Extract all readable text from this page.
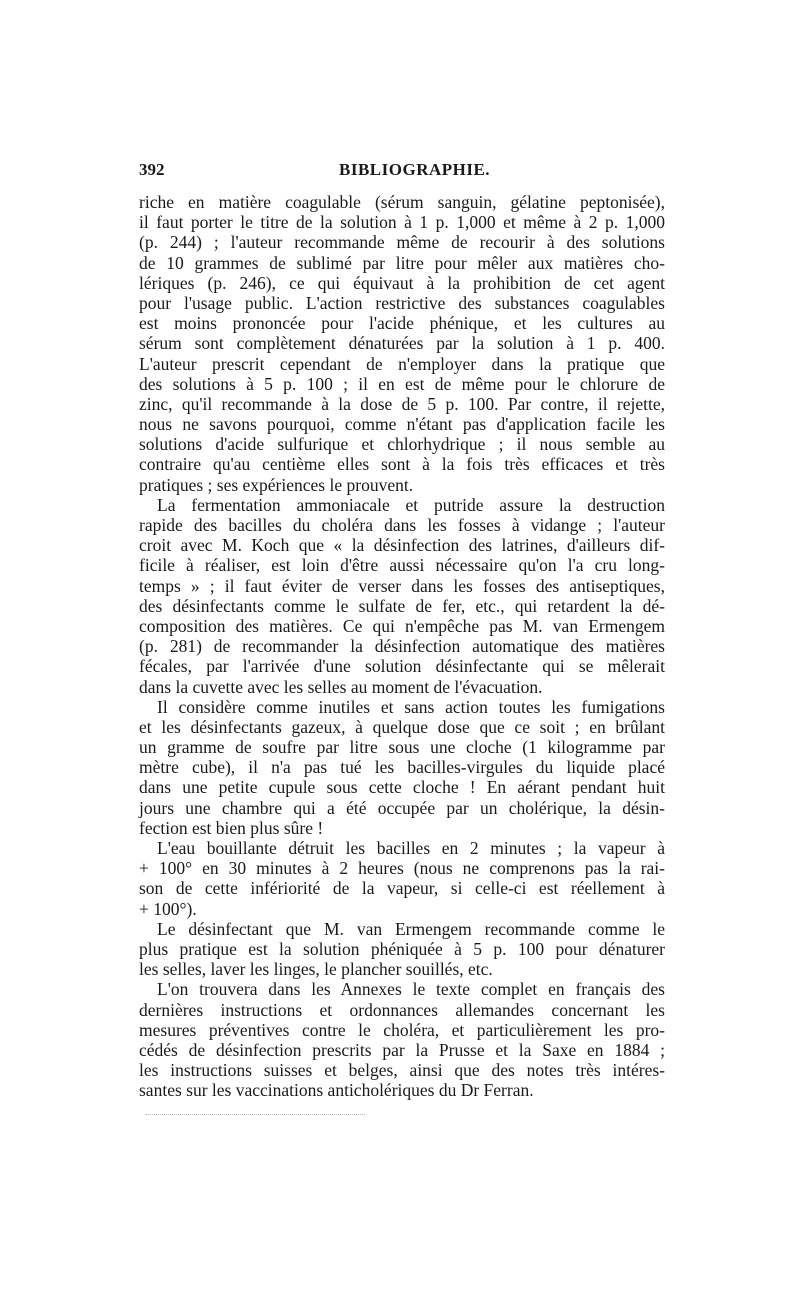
392	BIBLIOGRAPHIE.
riche en matière coagulable (sérum sanguin, gélatine peptonisée),
il faut porter le titre de la solution à 1 p. 1,000 et même à 2 p. 1,000
(p. 244) ; l'auteur recommande même de recourir à des solutions
de 10 grammes de sublimé par litre pour mêler aux matières cho-
lériques (p. 246), ce qui équivaut à la prohibition de cet agent
pour l'usage public. L'action restrictive des substances coagulables
est moins prononcée pour l'acide phénique, et les cultures au
sérum sont complètement dénaturées par la solution à 1 p. 400.
L'auteur prescrit cependant de n'employer dans la pratique que
des solutions à 5 p. 100 ; il en est de même pour le chlorure de
zinc, qu'il recommande à la dose de 5 p. 100. Par contre, il rejette,
nous ne savons pourquoi, comme n'étant pas d'application facile les
solutions d'acide sulfurique et chlorhydrique ; il nous semble au
contraire qu'au centième elles sont à la fois très efficaces et très
pratiques ; ses expériences le prouvent.
La fermentation ammoniacale et putride assure la destruction
rapide des bacilles du choléra dans les fosses à vidange ; l'auteur
croit avec M. Koch que « la désinfection des latrines, d'ailleurs dif-
ficile à réaliser, est loin d'être aussi nécessaire qu'on l'a cru long-
temps » ; il faut éviter de verser dans les fosses des antiseptiques,
des désinfectants comme le sulfate de fer, etc., qui retardent la dé-
composition des matières. Ce qui n'empêche pas M. van Ermengem
(p. 281) de recommander la désinfection automatique des matières
fécales, par l'arrivée d'une solution désinfectante qui se mêlerait
dans la cuvette avec les selles au moment de l'évacuation.
Il considère comme inutiles et sans action toutes les fumigations
et les désinfectants gazeux, à quelque dose que ce soit ; en brûlant
un gramme de soufre par litre sous une cloche (1 kilogramme par
mètre cube), il n'a pas tué les bacilles-virgules du liquide placé
dans une petite cupule sous cette cloche ! En aérant pendant huit
jours une chambre qui a été occupée par un cholérique, la désin-
fection est bien plus sûre !
L'eau bouillante détruit les bacilles en 2 minutes ; la vapeur à
+ 100° en 30 minutes à 2 heures (nous ne comprenons pas la rai-
son de cette infériorité de la vapeur, si celle-ci est réellement à
+ 100°).
Le désinfectant que M. van Ermengem recommande comme le
plus pratique est la solution phéniquée à 5 p. 100 pour dénaturer
les selles, laver les linges, le plancher souillés, etc.
L'on trouvera dans les Annexes le texte complet en français des
dernières instructions et ordonnances allemandes concernant les
mesures préventives contre le choléra, et particulièrement les pro-
cédés de désinfection prescrits par la Prusse et la Saxe en 1884 ;
les instructions suisses et belges, ainsi que des notes très intéres-
santes sur les vaccinations anticholériques du Dr Ferran.
